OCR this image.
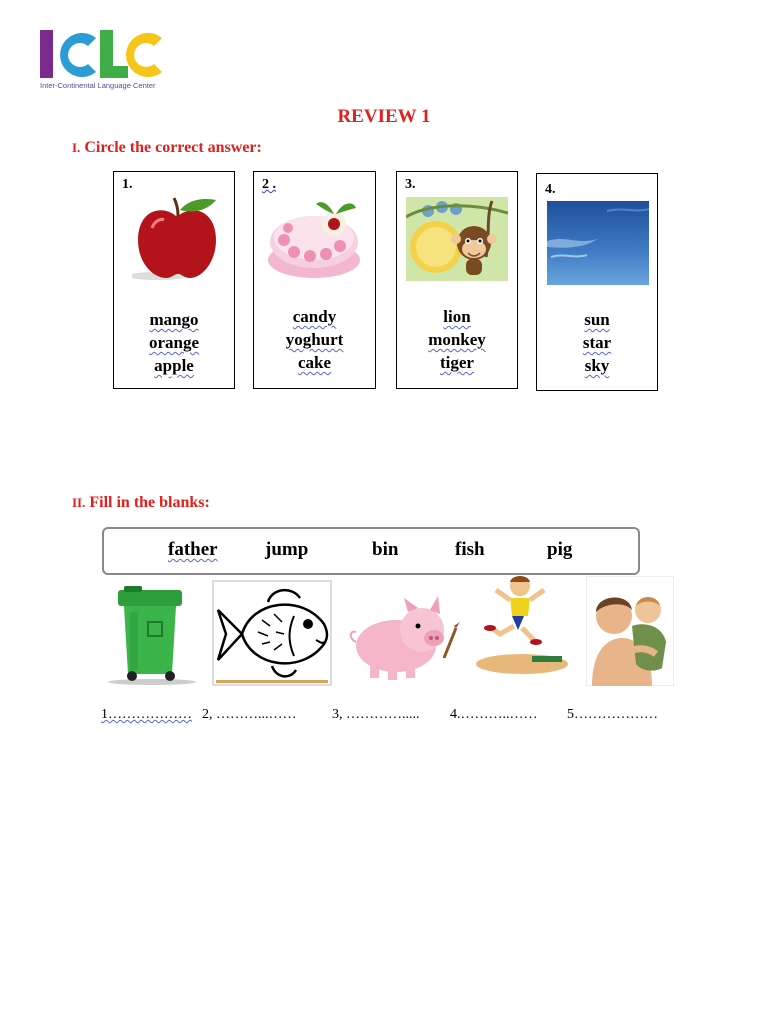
Inter-Continental Language Center
REVIEW 1
I. Circle the correct answer:
1.
mango
orange
apple
2 .
candy
yoghurt
cake
3.
lion
monkey
tiger
4.
sun
star
sky
II. Fill in the blanks:
father jump	bin	fish	pig
1……………… 2, ………...……	3, …………..... 4.………..…… 5………………
